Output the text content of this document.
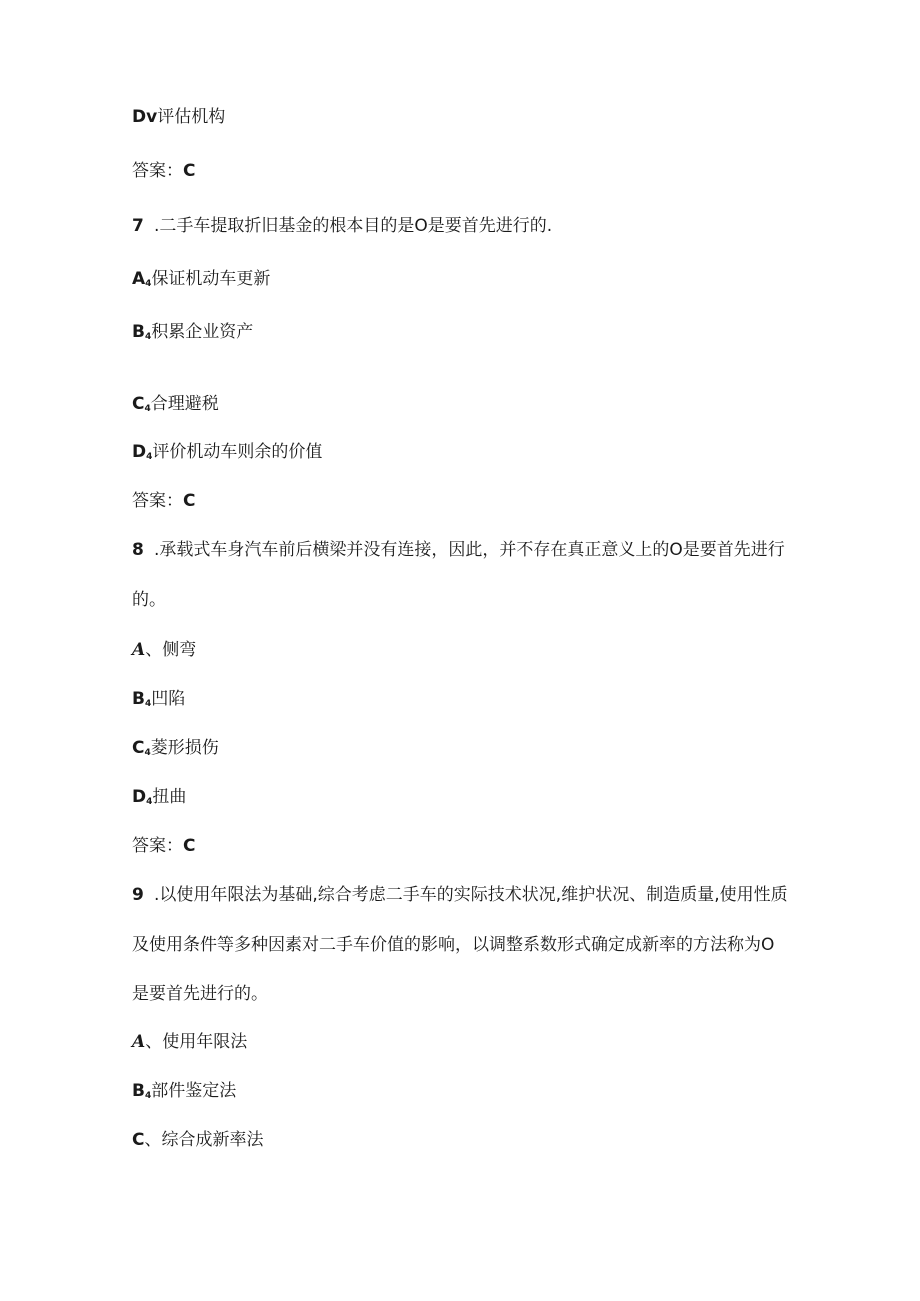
Dv评估机构
答案：C
7 .二手车提取折旧基金的根本目的是O是要首先进行的.
$A_4$保证机动车更新
$B_4$积累企业资产
$C_4$合理避税
$D_4$评价机动车则余的价值
答案：C
8 .承载式车身汽车前后横梁并没有连接，因此，并不存在真正意义上的O是要首先进行
的。
A、侧弯
$B_4$凹陷
$C_4$菱形损伤
$D_4$扭曲
答案：C
9 .以使用年限法为基础,综合考虑二手车的实际技术状况,维护状况、制造质量,使用性质
及使用条件等多种因素对二手车价值的影响，以调整系数形式确定成新率的方法称为O
是要首先进行的。
A、使用年限法
$B_4$部件鉴定法
C、综合成新率法
